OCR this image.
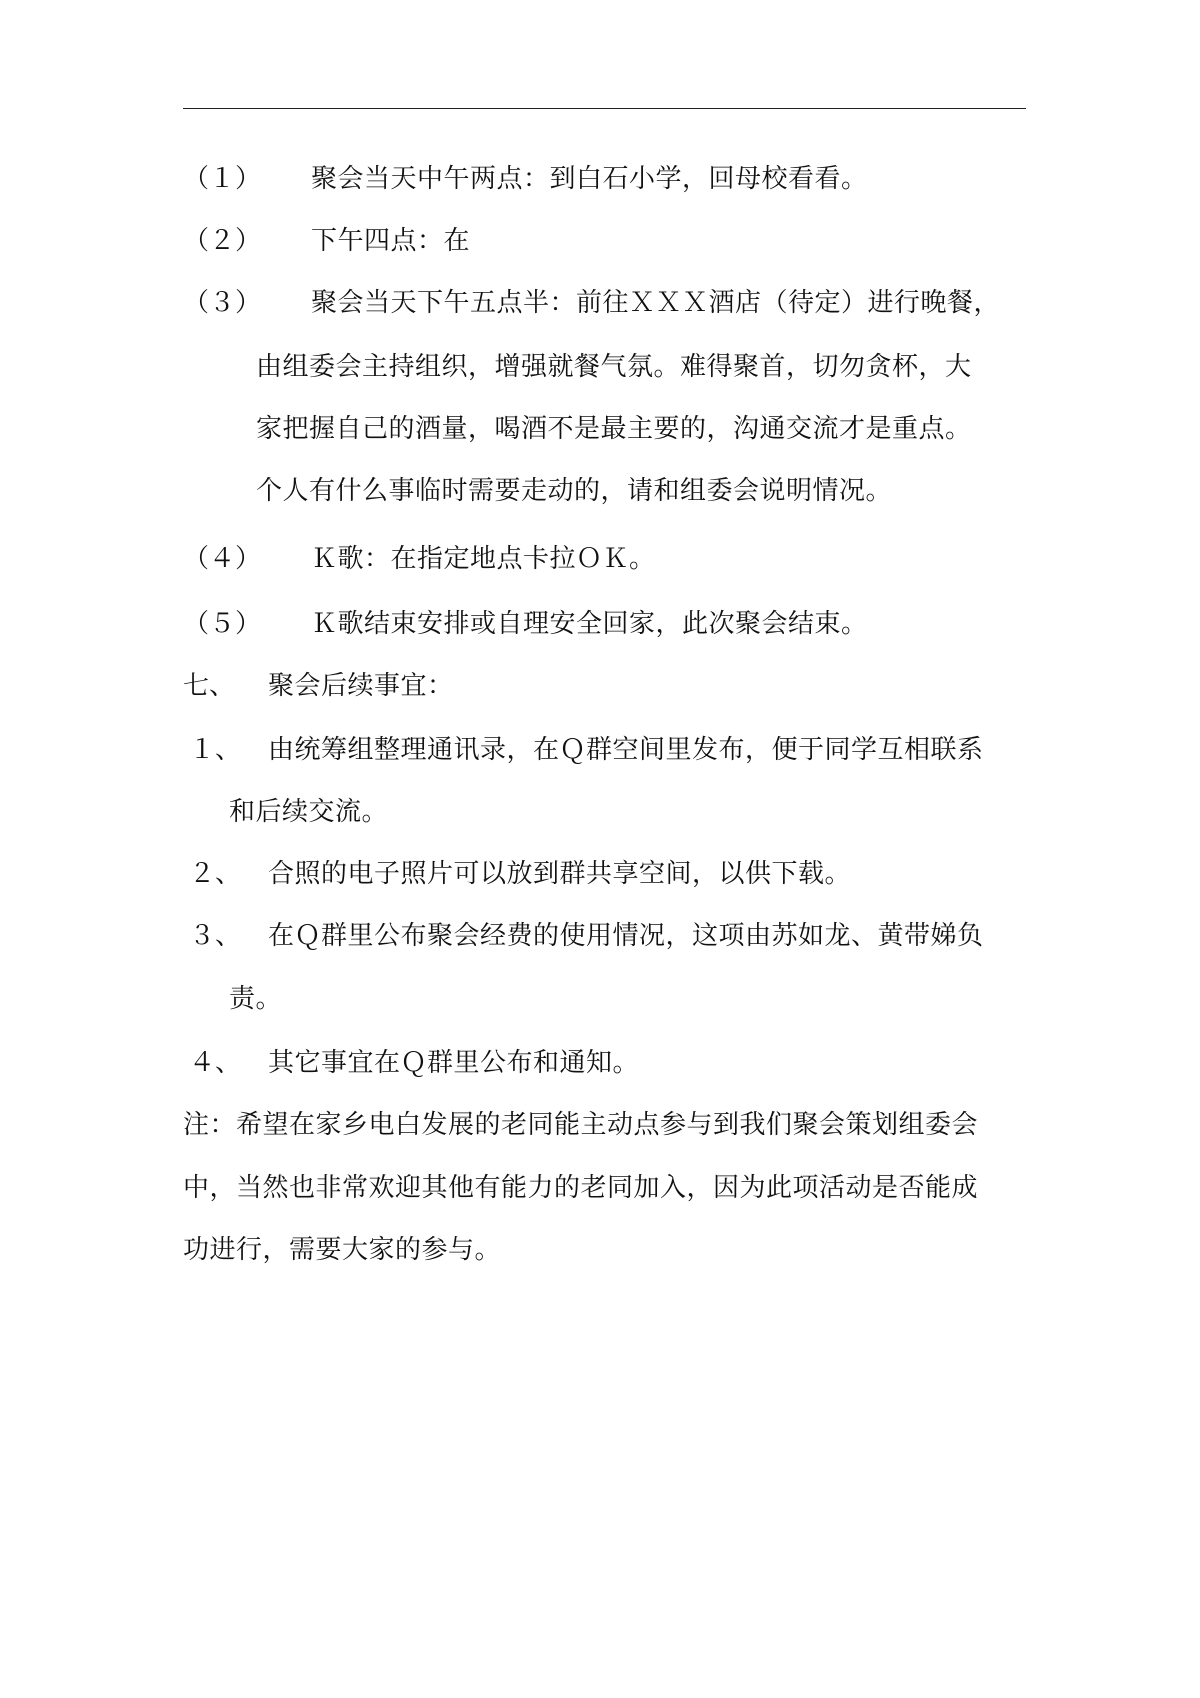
（１） 聚会当天中午两点：到白石小学，回母校看看。
（２） 下午四点：在
（３） 聚会当天下午五点半：前往ＸＸＸ酒店（待定）进行晚餐，
由组委会主持组织，增强就餐气氛。难得聚首，切勿贪杯，大
家把握自己的酒量，喝酒不是最主要的，沟通交流才是重点。
个人有什么事临时需要走动的，请和组委会说明情况。
（４） Ｋ歌：在指定地点卡拉ＯＫ。
（５） Ｋ歌结束安排或自理安全回家，此次聚会结束。
七、 聚会后续事宜：
１、 由统筹组整理通讯录，在Ｑ群空间里发布，便于同学互相联系
和后续交流。
２、 合照的电子照片可以放到群共享空间，以供下载。
３、 在Ｑ群里公布聚会经费的使用情况，这项由苏如龙、黄带娣负
责。
４、 其它事宜在Ｑ群里公布和通知。
注：希望在家乡电白发展的老同能主动点参与到我们聚会策划组委会
中，当然也非常欢迎其他有能力的老同加入，因为此项活动是否能成
功进行，需要大家的参与。
